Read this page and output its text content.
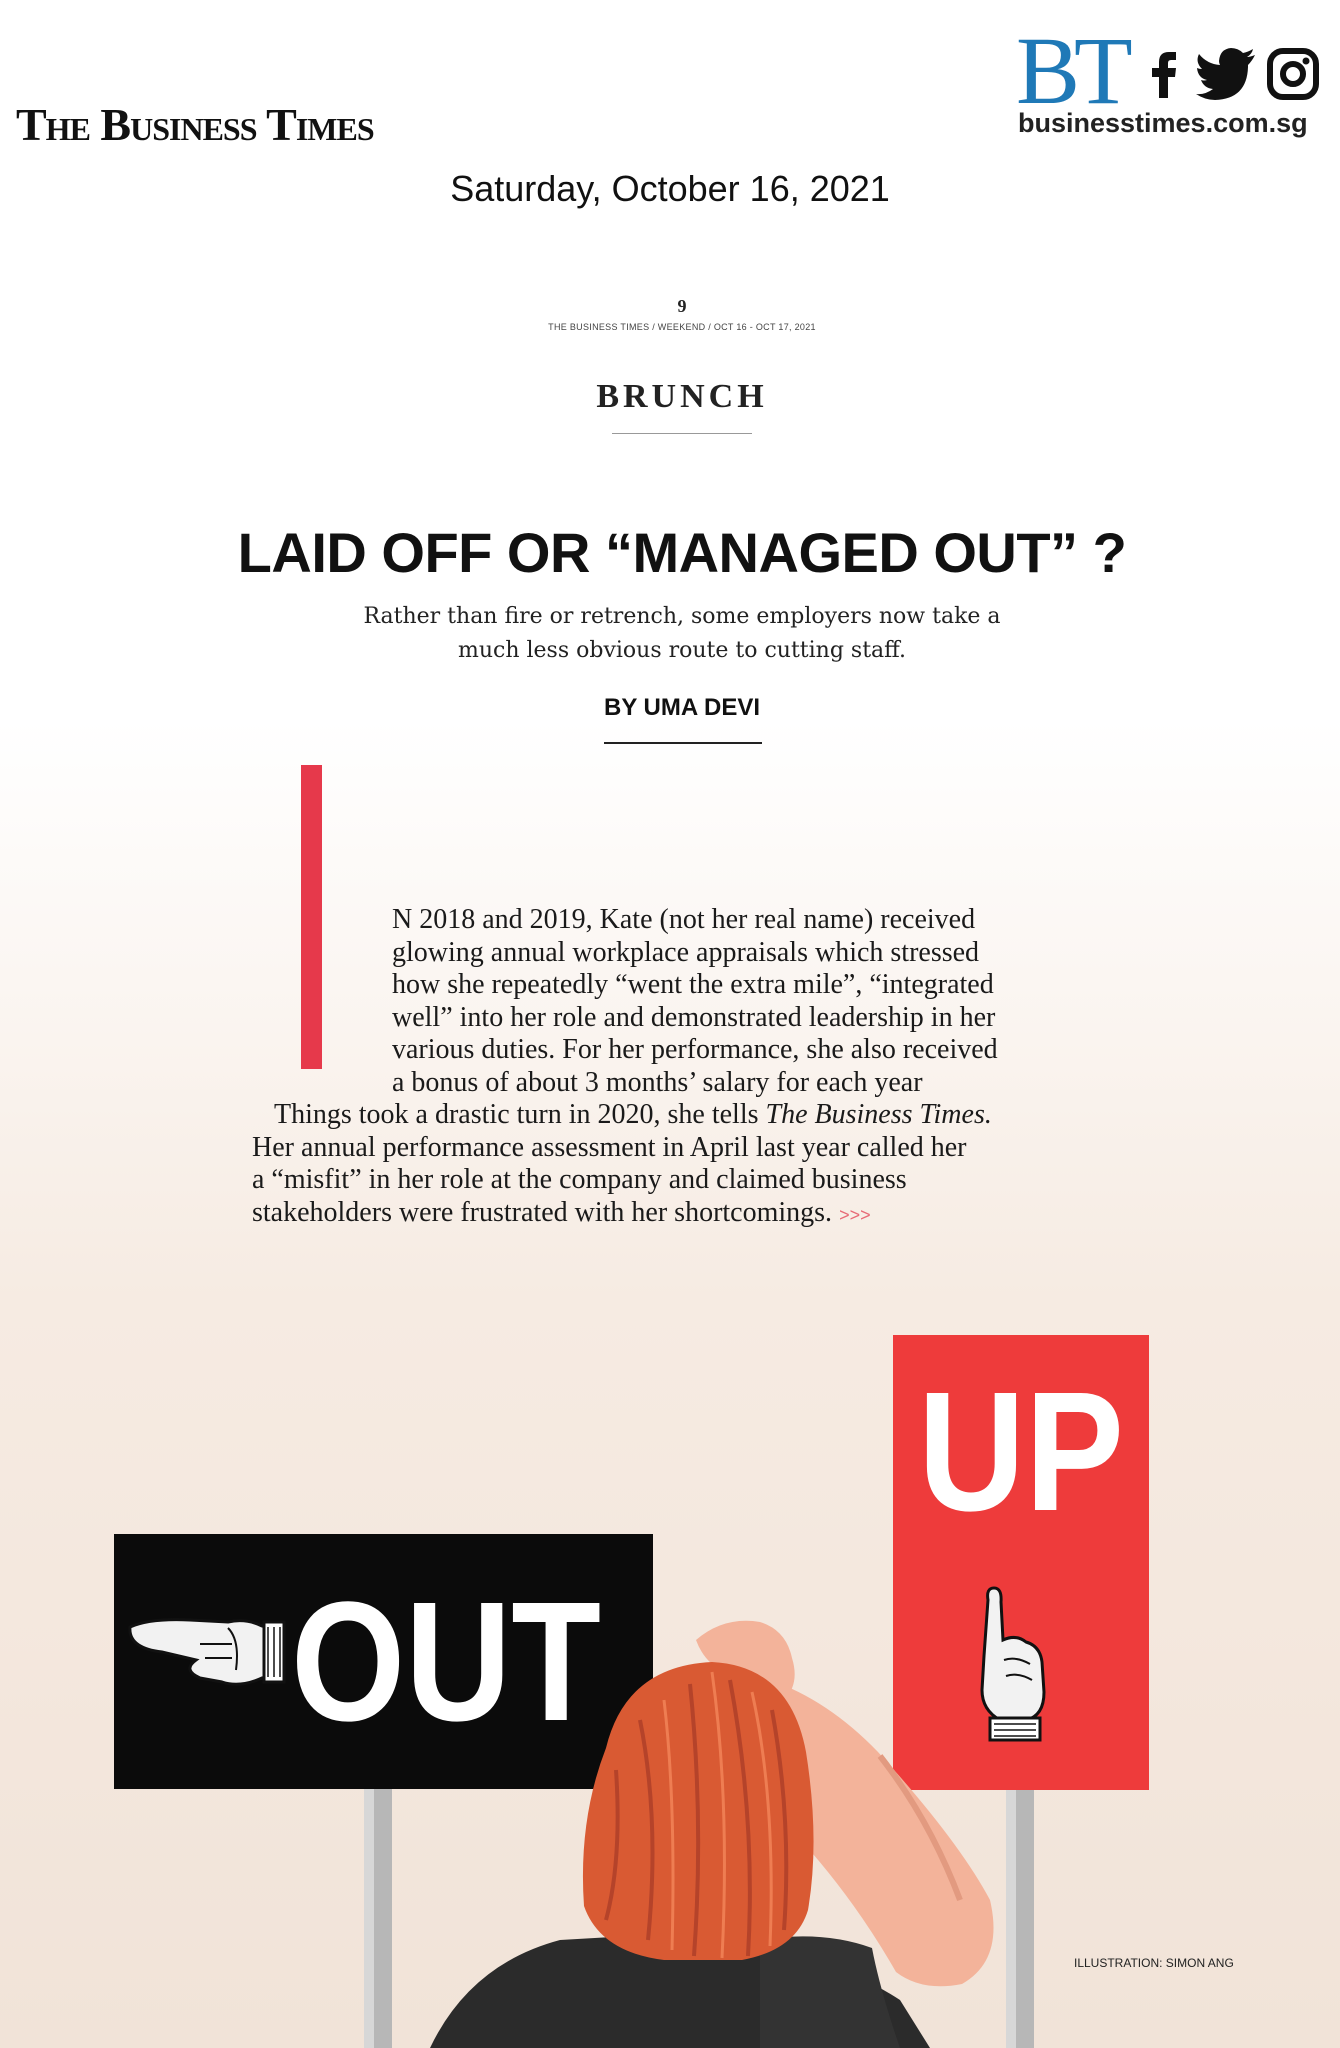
The Business Times
BT
businesstimes.com.sg
Saturday, October 16, 2021
9
THE BUSINESS TIMES / WEEKEND / OCT 16 - OCT 17, 2021
BRUNCH
LAID OFF OR “MANAGED OUT” ?
Rather than fire or retrench, some employers now take a much less obvious route to cutting staff.
BY UMA DEVI

N 2018 and 2019, Kate (not her real name) received
glowing annual workplace appraisals which stressed
how she repeatedly “went the extra mile”, “integrated
well” into her role and demonstrated leadership in her
various duties. For her performance, she also received
a bonus of about 3 months’ salary for each year
Things took a drastic turn in 2020, she tells The Business Times.
Her annual performance assessment in April last year called her
a “misfit” in her role at the company and claimed business
stakeholders were frustrated with her shortcomings. >>>

OUT
UP
ILLUSTRATION: SIMON ANG
